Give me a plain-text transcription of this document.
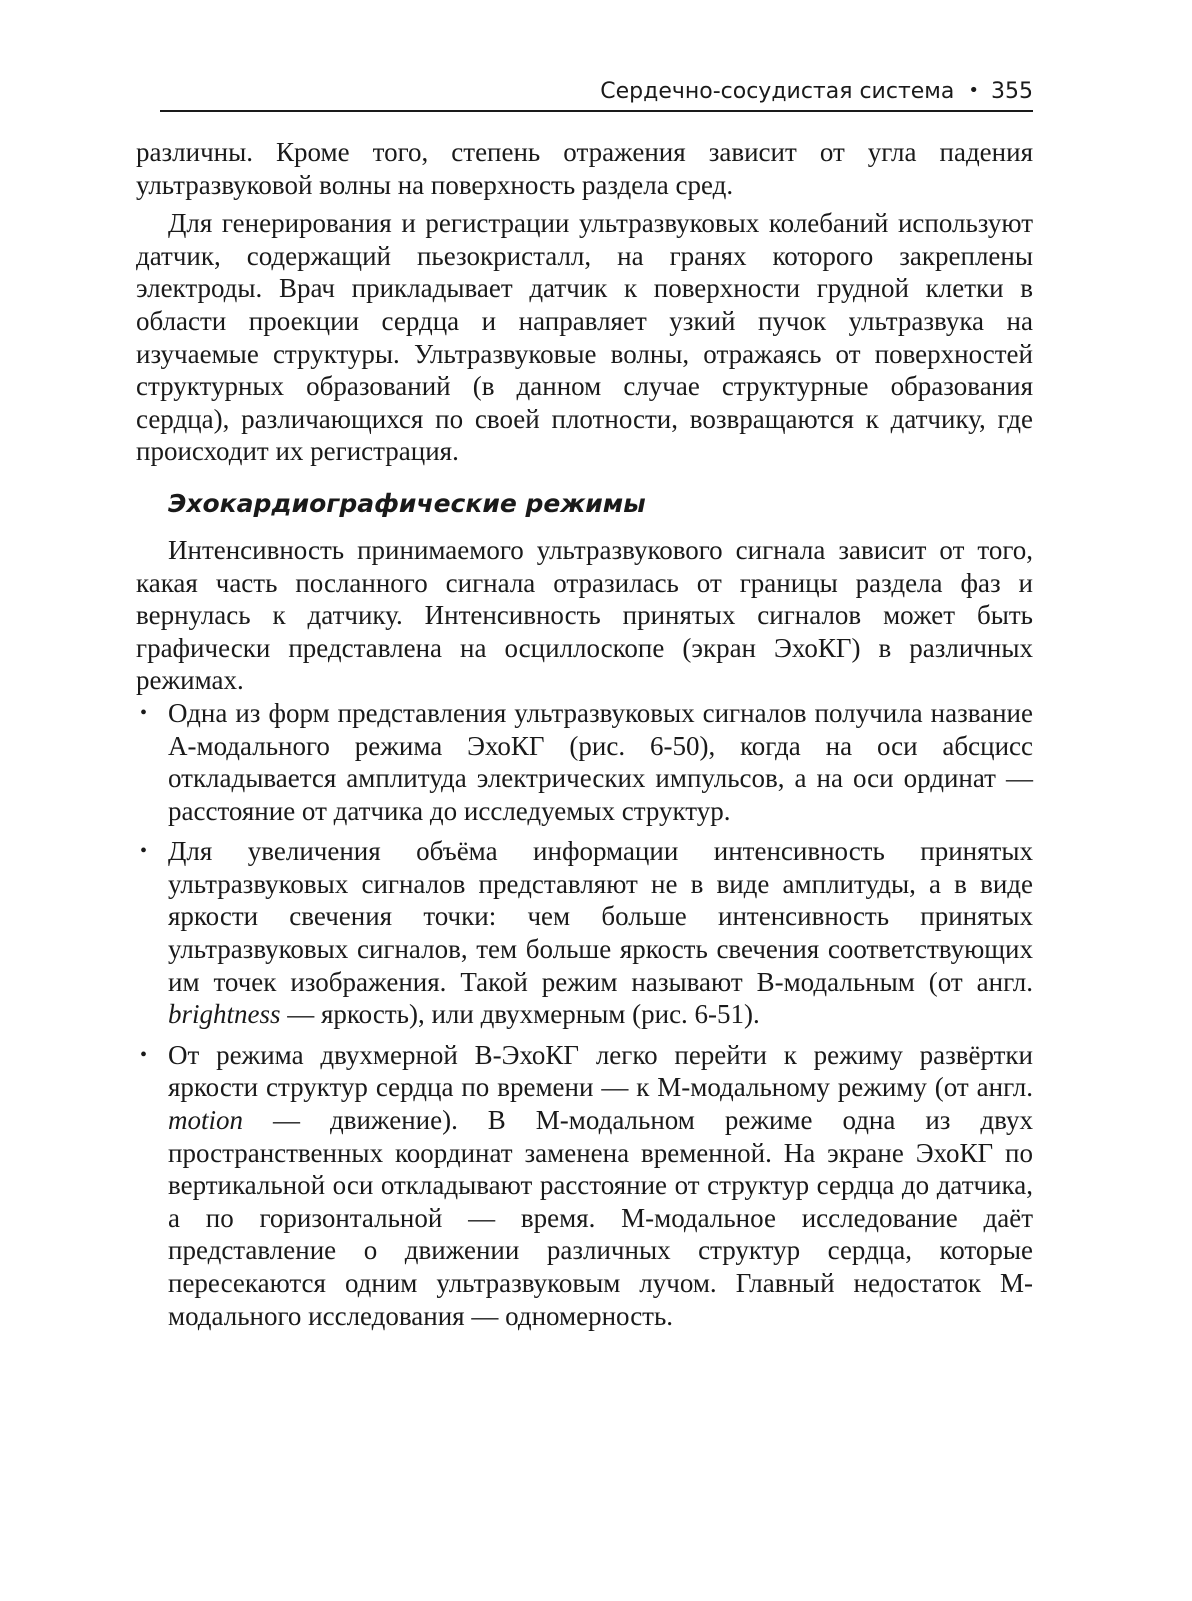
Сердечно-сосудистая система • 355

различны. Кроме того, степень отражения зависит от угла падения ультразвуковой волны на поверхность раздела сред.

Для генерирования и регистрации ультразвуковых колебаний используют датчик, содержащий пьезокристалл, на гранях которого закреплены электроды. Врач прикладывает датчик к поверхности грудной клетки в области проекции сердца и направляет узкий пучок ультразвука на изучаемые структуры. Ультразвуковые волны, отражаясь от поверхностей структурных образований (в данном случае структурные образования сердца), различающихся по своей плотности, возвращаются к датчику, где происходит их регистрация.

Эхокардиографические режимы

Интенсивность принимаемого ультразвукового сигнала зависит от того, какая часть посланного сигнала отразилась от границы раздела фаз и вернулась к датчику. Интенсивность принятых сигналов может быть графически представлена на осциллоскопе (экран ЭхоКГ) в различных режимах.

• Одна из форм представления ультразвуковых сигналов получила название А-модального режима ЭхоКГ (рис. 6-50), когда на оси абсцисс откладывается амплитуда электрических импульсов, а на оси ординат — расстояние от датчика до исследуемых структур.
• Для увеличения объёма информации интенсивность принятых ультразвуковых сигналов представляют не в виде амплитуды, а в виде яркости свечения точки: чем больше интенсивность принятых ультразвуковых сигналов, тем больше яркость свечения соответствующих им точек изображения. Такой режим называют В-модальным (от англ. brightness — яркость), или двухмерным (рис. 6-51).
• От режима двухмерной В-ЭхоКГ легко перейти к режиму развёртки яркости структур сердца по времени — к М-модальному режиму (от англ. motion — движение). В М-модальном режиме одна из двух пространственных координат заменена временной. На экране ЭхоКГ по вертикальной оси откладывают расстояние от структур сердца до датчика, а по горизонтальной — время. М-модальное исследование даёт представление о движении различных структур сердца, которые пересекаются одним ультразвуковым лучом. Главный недостаток М-модального исследования — одномерность.
